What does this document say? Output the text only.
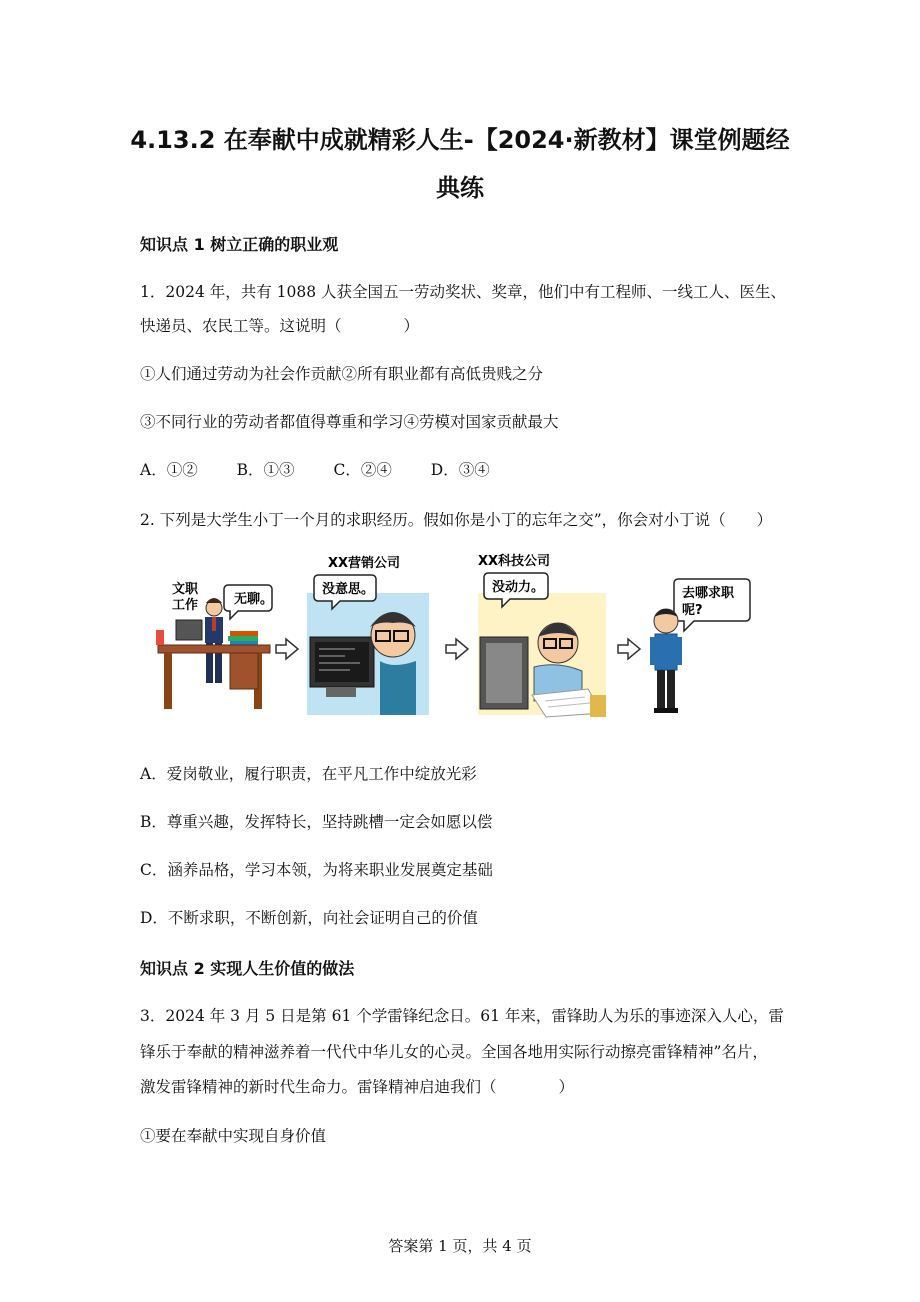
4.13.2 在奉献中成就精彩人生-【2024·新教材】课堂例题经
典练
知识点 1 树立正确的职业观
1．2024 年，共有 1088 人获全国五一劳动奖状、奖章，他们中有工程师、一线工人、医生、
快递员、农民工等。这说明（　　　　）
①人们通过劳动为社会作贡献②所有职业都有高低贵贱之分
③不同行业的劳动者都值得尊重和学习④劳模对国家贡献最大
A．①②	B．①③	C．②④	D．③④
2. 下列是大学生小丁一个月的求职经历。假如你是小丁的忘年之交”，你会对小丁说（　　）
文职
工作	无聊。
XX营销公司
没意思。
XX科技公司
没动力。	去哪求职
呢?
A．爱岗敬业，履行职责，在平凡工作中绽放光彩
B．尊重兴趣，发挥特长，坚持跳槽一定会如愿以偿
C．涵养品格，学习本领，为将来职业发展奠定基础
D．不断求职，不断创新，向社会证明自己的价值
知识点 2 实现人生价值的做法
3．2024 年 3 月 5 日是第 61 个学雷锋纪念日。61 年来，雷锋助人为乐的事迹深入人心，雷
锋乐于奉献的精神滋养着一代代中华儿女的心灵。全国各地用实际行动擦亮雷锋精神”名片，
激发雷锋精神的新时代生命力。雷锋精神启迪我们（　　　　）
①要在奉献中实现自身价值
答案第 1 页，共 4 页
